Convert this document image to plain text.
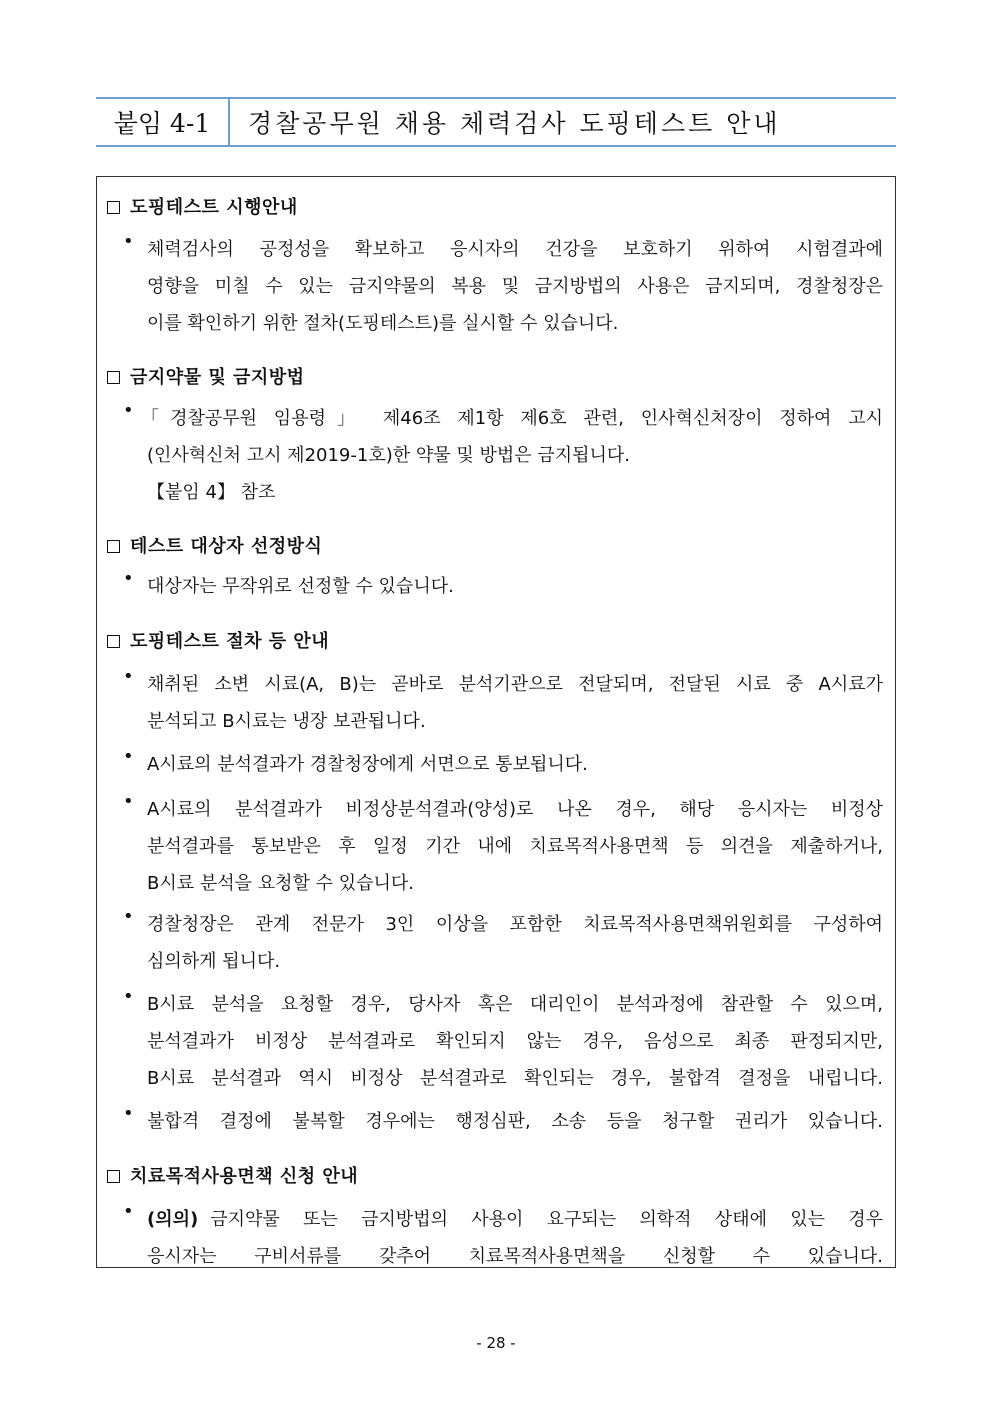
붙임 4-1	경찰공무원 채용 체력검사 도핑테스트 안내
도핑테스트 시행안내
• 체력검사의 공정성을 확보하고 응시자의 건강을 보호하기 위하여 시험결과에
영향을 미칠 수 있는 금지약물의 복용 및 금지방법의 사용은 금지되며, 경찰청장은
이를 확인하기 위한 절차(도핑테스트)를 실시할 수 있습니다.
금지약물 및 금지방법
• 「경찰공무원 임용령」 제46조 제1항 제6호 관련, 인사혁신처장이 정하여 고시
(인사혁신처 고시 제2019-1호)한 약물 및 방법은 금지됩니다.
【붙임 4】 참조
테스트 대상자 선정방식
• 대상자는 무작위로 선정할 수 있습니다.
도핑테스트 절차 등 안내
• 채취된 소변 시료(A, B)는 곧바로 분석기관으로 전달되며, 전달된 시료 중 A시료가
분석되고 B시료는 냉장 보관됩니다.
• A시료의 분석결과가 경찰청장에게 서면으로 통보됩니다.
• A시료의 분석결과가 비정상분석결과(양성)로 나온 경우, 해당 응시자는 비정상
분석결과를 통보받은 후 일정 기간 내에 치료목적사용면책 등 의견을 제출하거나,
B시료 분석을 요청할 수 있습니다.
• 경찰청장은 관계 전문가 3인 이상을 포함한 치료목적사용면책위원회를 구성하여
심의하게 됩니다.
• B시료 분석을 요청할 경우, 당사자 혹은 대리인이 분석과정에 참관할 수 있으며,
분석결과가 비정상 분석결과로 확인되지 않는 경우, 음성으로 최종 판정되지만,
B시료 분석결과 역시 비정상 분석결과로 확인되는 경우, 불합격 결정을 내립니다.
• 불합격 결정에 불복할 경우에는 행정심판, 소송 등을 청구할 권리가 있습니다.
치료목적사용면책 신청 안내
• (의의) 금지약물 또는 금지방법의 사용이 요구되는 의학적 상태에 있는 경우
응시자는 구비서류를 갖추어 치료목적사용면책을 신청할 수 있습니다.
- 28 -
